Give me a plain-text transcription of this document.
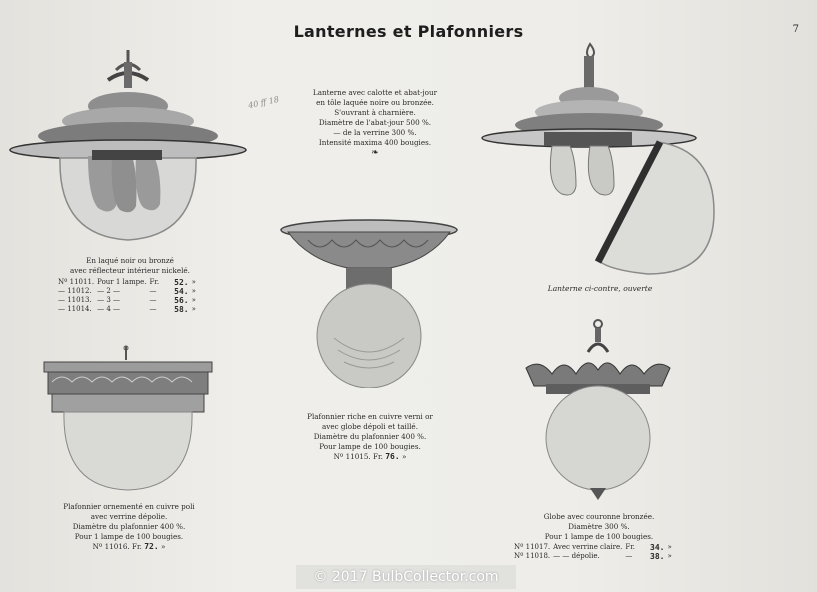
Lanternes et Plafonniers	7
40 ff 18
En laqué noir ou bronzé
avec réflecteur intérieur nickelé.
Nº 11011.	Pour 1 lampe.	Fr.	52.	»
— 11012.	— 2 —	—	54.	»
— 11013.	— 3 —	—	56.	»
— 11014.	— 4 —	—	58.	»
Lanterne avec calotte et abat-jour
en tôle laquée noire ou bronzée.
S'ouvrant à charnière.
Diamètre de l'abat-jour 500 %.
— de la verrine 300 %.
Intensité maxima 400 bougies.
❧
Lanterne ci-contre, ouverte
Plafonnier riche en cuivre verni or
avec globe dépoli et taillé.
Diamètre du plafonnier 400 %.
Pour lampe de 100 bougies.
Nº 11015. Fr. 76. »
Plafonnier ornementé en cuivre poli
avec verrine dépolie.
Diamètre du plafonnier 400 %.
Pour 1 lampe de 100 bougies.
Nº 11016. Fr. 72. »
Globe avec couronne bronzée.
Diamètre 300 %.
Pour 1 lampe de 100 bougies.
Nº 11017.	Avec verrine claire.	Fr.	34.	»
Nº 11018.	— — dépolie.	—	38.	»
© 2017 BulbCollector.com
